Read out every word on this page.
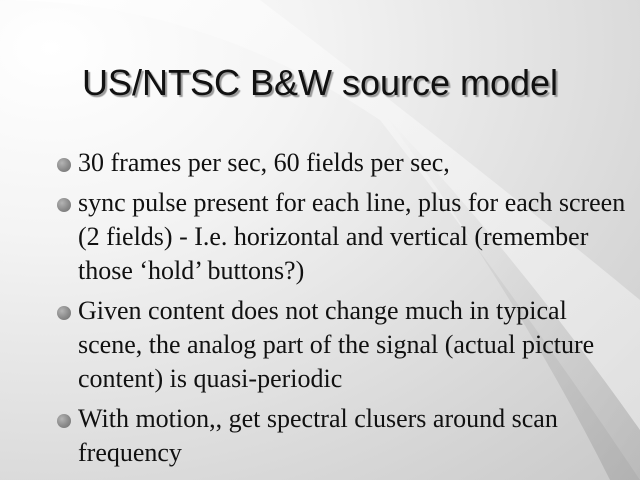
US/NTSC B&W source model
30 frames per sec, 60 fields per sec,
sync pulse present for each line, plus for each screen (2 fields) - I.e. horizontal and vertical (remember those ‘hold’ buttons?)
Given content does not change much in typical scene, the analog part of the signal (actual picture content) is quasi-periodic
With motion,, get spectral clusers around scan frequency
